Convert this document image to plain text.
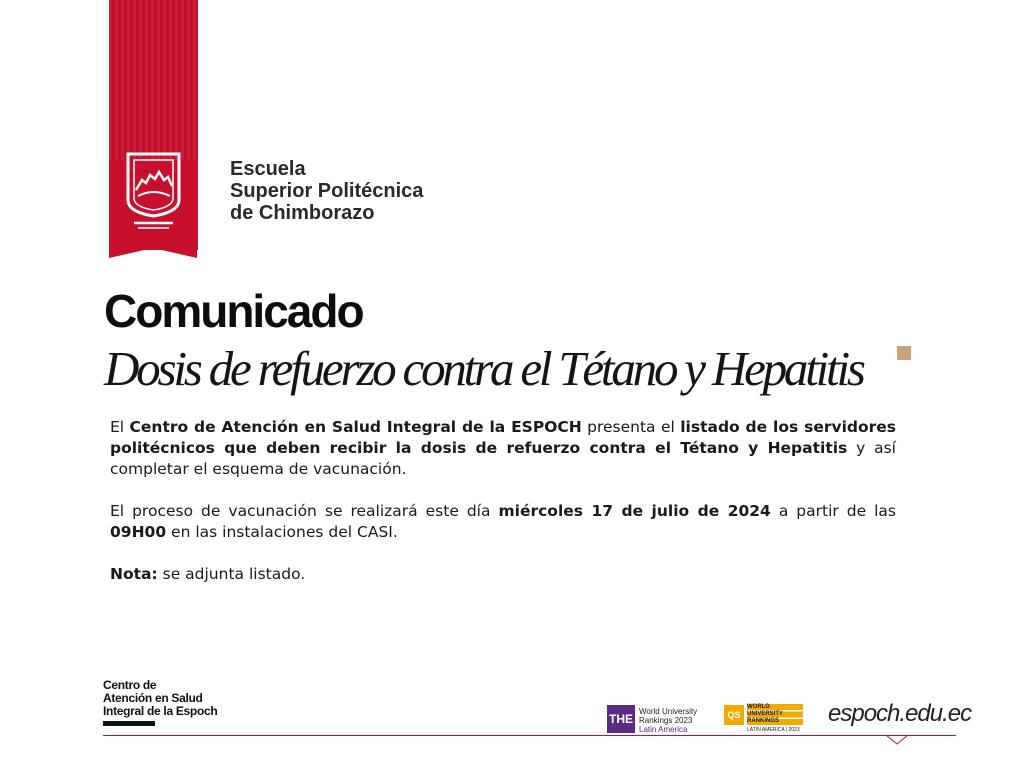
Escuela
Superior Politécnica
de Chimborazo
Comunicado
Dosis de refuerzo contra el Tétano y Hepatitis

El Centro de Atención en Salud Integral de la ESPOCH presenta el listado de los servidores politécnicos que deben recibir la dosis de refuerzo contra el Tétano y Hepatitis y así completar el esquema de vacunación.

El proceso de vacunación se realizará este día miércoles 17 de julio de 2024 a partir de las 09H00 en las instalaciones del CASI.

Nota: se adjunta listado.

Centro de
Atención en Salud
Integral de la Espoch
THE
World University
Rankings 2023
Latin America
QS
WORLD
UNIVERSITY
RANKINGS
LATIN AMERICA | 2023
espoch.edu.ec
